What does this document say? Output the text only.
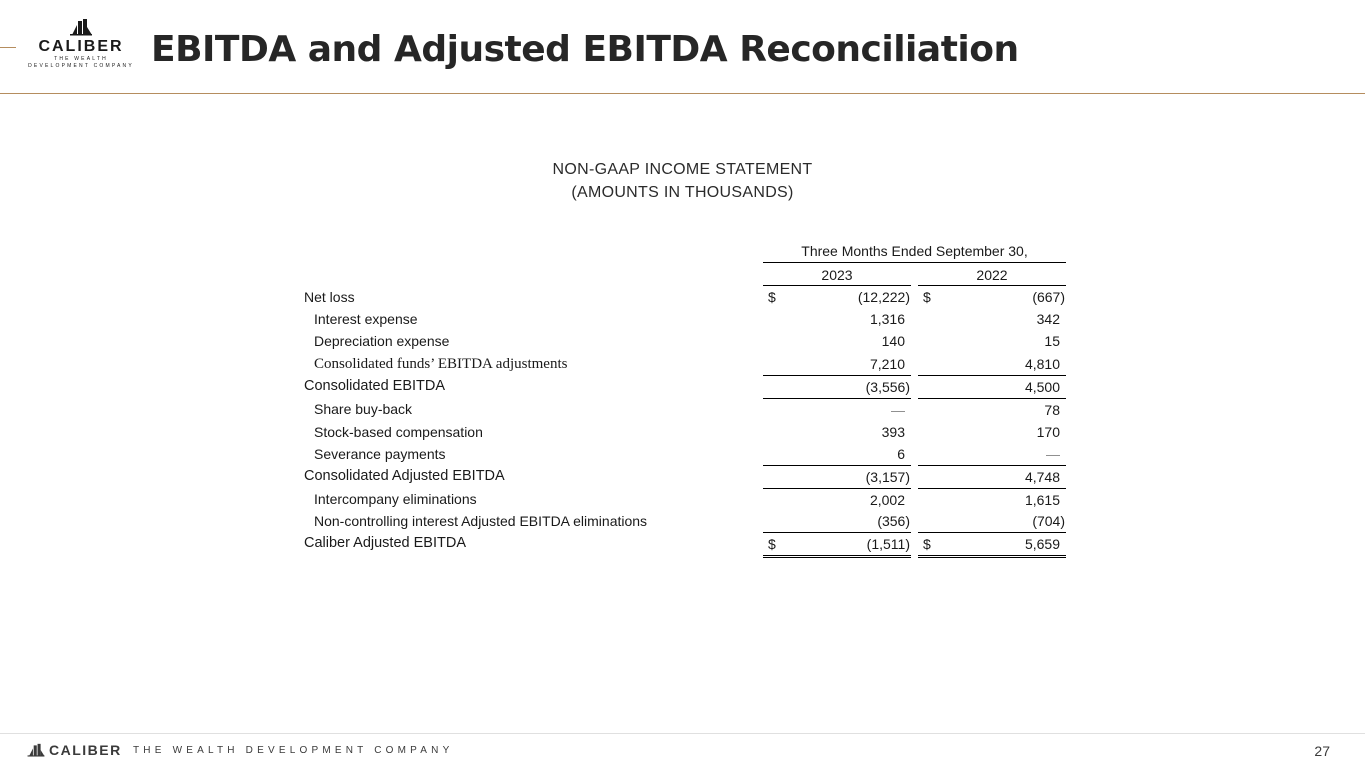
CALIBER
THE WEALTH DEVELOPMENT COMPANY EBITDA and Adjusted EBITDA Reconciliation
NON-GAAP INCOME STATEMENT
(AMOUNTS IN THOUSANDS)
Three Months Ended September 30,
2023	2022
Net loss	$	(12,222) $	(667)
Interest expense	1,316	342
Depreciation expense	140	15
Consolidated funds’ EBITDA adjustments	7,210	4,810
Consolidated EBITDA	(3,556)	4,500
Share buy-back	—	78
Stock-based compensation	393	170
Severance payments	6	—
Consolidated Adjusted EBITDA	(3,157)	4,748
Intercompany eliminations	2,002	1,615
Non-controlling interest Adjusted EBITDA eliminations	(356)	(704)
Caliber Adjusted EBITDA	$	(1,511) $	5,659
CALIBER THE WEALTH DEVELOPMENT COMPANY	27
